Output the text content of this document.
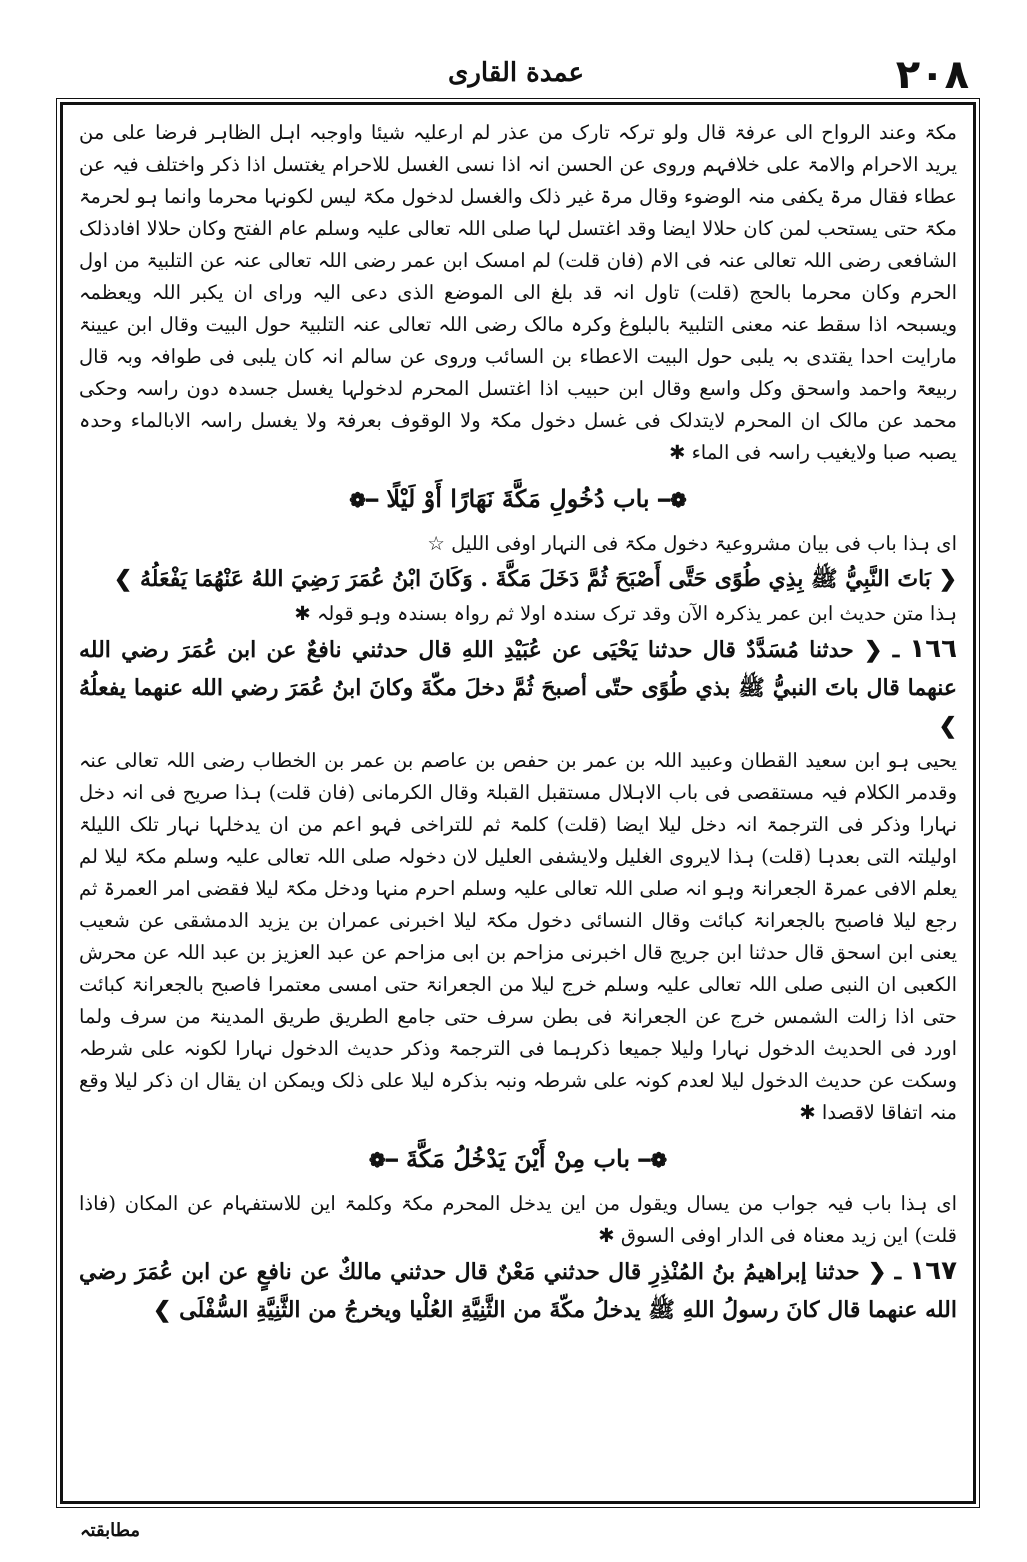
۲۰۸
عمدة القاری

مکۃ وعند الرواح الی عرفۃ قال ولو ترکہ تارک من عذر لم ارعلیہ شیئا واوجبہ اہل الظاہر فرضا علی من یرید الاحرام والامۃ علی خلافہم وروی عن الحسن انہ اذا نسی الغسل للاحرام یغتسل اذا ذکر واختلف فیہ عن عطاء فقال مرۃ یکفی منہ الوضوء وقال مرۃ غیر ذلک والغسل لدخول مکۃ لیس لکونہا محرما وانما ہو لحرمۃ مکۃ حتی یستحب لمن کان حلالا ایضا وقد اغتسل لہا صلی اللہ تعالی علیہ وسلم عام الفتح وکان حلالا افادذلک الشافعی رضی اللہ تعالی عنہ فی الام (فان قلت) لم امسک ابن عمر رضی اللہ تعالی عنہ عن التلبیۃ من اول الحرم وکان محرما بالحج (قلت) تاول انہ قد بلغ الی الموضع الذی دعی الیہ ورای ان یکبر اللہ ویعظمہ ویسبحہ اذا سقط عنہ معنی التلبیۃ بالبلوغ وکرہ مالک رضی اللہ تعالی عنہ التلبیۃ حول البیت وقال ابن عیینۃ مارایت احدا یقتدی بہ یلبی حول البیت الاعطاء بن السائب وروی عن سالم انہ کان یلبی فی طوافہ وبہ قال ربیعۃ واحمد واسحق وکل واسع وقال ابن حبیب اذا اغتسل المحرم لدخولہا یغسل جسدہ دون راسہ وحکی محمد عن مالک ان المحرم لایتدلک فی غسل دخول مکۃ ولا الوقوف بعرفۃ ولا یغسل راسہ الابالماء وحدہ یصبہ صبا ولایغیب راسہ فی الماء ✱

❁━ باب دُخُولِ مَكَّةَ نَهَارًا أَوْ لَيْلًا ━❁

ای ہذا باب فی بیان مشروعیۃ دخول مکۃ فی النہار اوفی اللیل ☆

❮ بَاتَ النَّبِيُّ ﷺ بِذِي طُوًى حَتَّى أَصْبَحَ ثُمَّ دَخَلَ مَكَّةَ . وَكَانَ ابْنُ عُمَرَ رَضِيَ اللهُ عَنْهُمَا يَفْعَلُهُ ❯

ہذا متن حدیث ابن عمر یذکرہ الآن وقد ترک سندہ اولا ثم رواہ بسندہ وہو قولہ ✱

١٦٦ ـ ❮ حدثنا مُسَدَّدٌ قال حدثنا يَحْيَى عن عُبَيْدِ اللهِ قال حدثني نافعٌ عن ابن عُمَرَ رضي الله عنهما قال باتَ النبيُّ ﷺ بذي طُوًى حتّى أصبحَ ثُمَّ دخلَ مكّةَ وكانَ ابنُ عُمَرَ رضي الله عنهما يفعلُهُ ❯

یحیی ہو ابن سعید القطان وعبید اللہ بن عمر بن حفص بن عاصم بن عمر بن الخطاب رضی اللہ تعالی عنہ وقدمر الکلام فیہ مستقصی فی باب الاہلال مستقبل القبلۃ وقال الکرمانی (فان قلت) ہذا صریح فی انہ دخل نہارا وذکر فی الترجمۃ انہ دخل لیلا ایضا (قلت) کلمۃ ثم للتراخی فہو اعم من ان یدخلہا نہار تلک اللیلۃ اولیلتہ التی بعدہا (قلت) ہذا لایروی الغلیل ولایشفی العلیل لان دخولہ صلی اللہ تعالی علیہ وسلم مکۃ لیلا لم یعلم الافی عمرۃ الجعرانۃ وہو انہ صلی اللہ تعالی علیہ وسلم احرم منہا ودخل مکۃ لیلا فقضی امر العمرۃ ثم رجع لیلا فاصبح بالجعرانۃ کبائت وقال النسائی دخول مکۃ لیلا اخبرنی عمران بن یزید الدمشقی عن شعیب یعنی ابن اسحق قال حدثنا ابن جریج قال اخبرنی مزاحم بن ابی مزاحم عن عبد العزیز بن عبد اللہ عن محرش الکعبی ان النبی صلی اللہ تعالی علیہ وسلم خرج لیلا من الجعرانۃ حتی امسی معتمرا فاصبح بالجعرانۃ کبائت حتی اذا زالت الشمس خرج عن الجعرانۃ فی بطن سرف حتی جامع الطریق طریق المدینۃ من سرف ولما اورد فی الحدیث الدخول نہارا ولیلا جمیعا ذکرہما فی الترجمۃ وذکر حدیث الدخول نہارا لکونہ علی شرطہ وسکت عن حدیث الدخول لیلا لعدم کونہ علی شرطہ ونبہ بذکرہ لیلا علی ذلک ویمکن ان یقال ان ذکر لیلا وقع منہ اتفاقا لاقصدا ✱

❁━ باب مِنْ أَيْنَ يَدْخُلُ مَكَّةَ ━❁

ای ہذا باب فیہ جواب من یسال ویقول من این یدخل المحرم مکۃ وکلمۃ این للاستفہام عن المکان (فاذا قلت) این زید معناہ فی الدار اوفی السوق ✱

١٦٧ ـ ❮ حدثنا إبراهيمُ بنُ المُنْذِرِ قال حدثني مَعْنٌ قال حدثني مالكٌ عن نافعٍ عن ابن عُمَرَ رضي الله عنهما قال كانَ رسولُ اللهِ ﷺ يدخلُ مكّةَ من الثَّنِيَّةِ العُلْيا ويخرجُ من الثَّنِيَّةِ السُّفْلَى ❯

مطابقتہ
